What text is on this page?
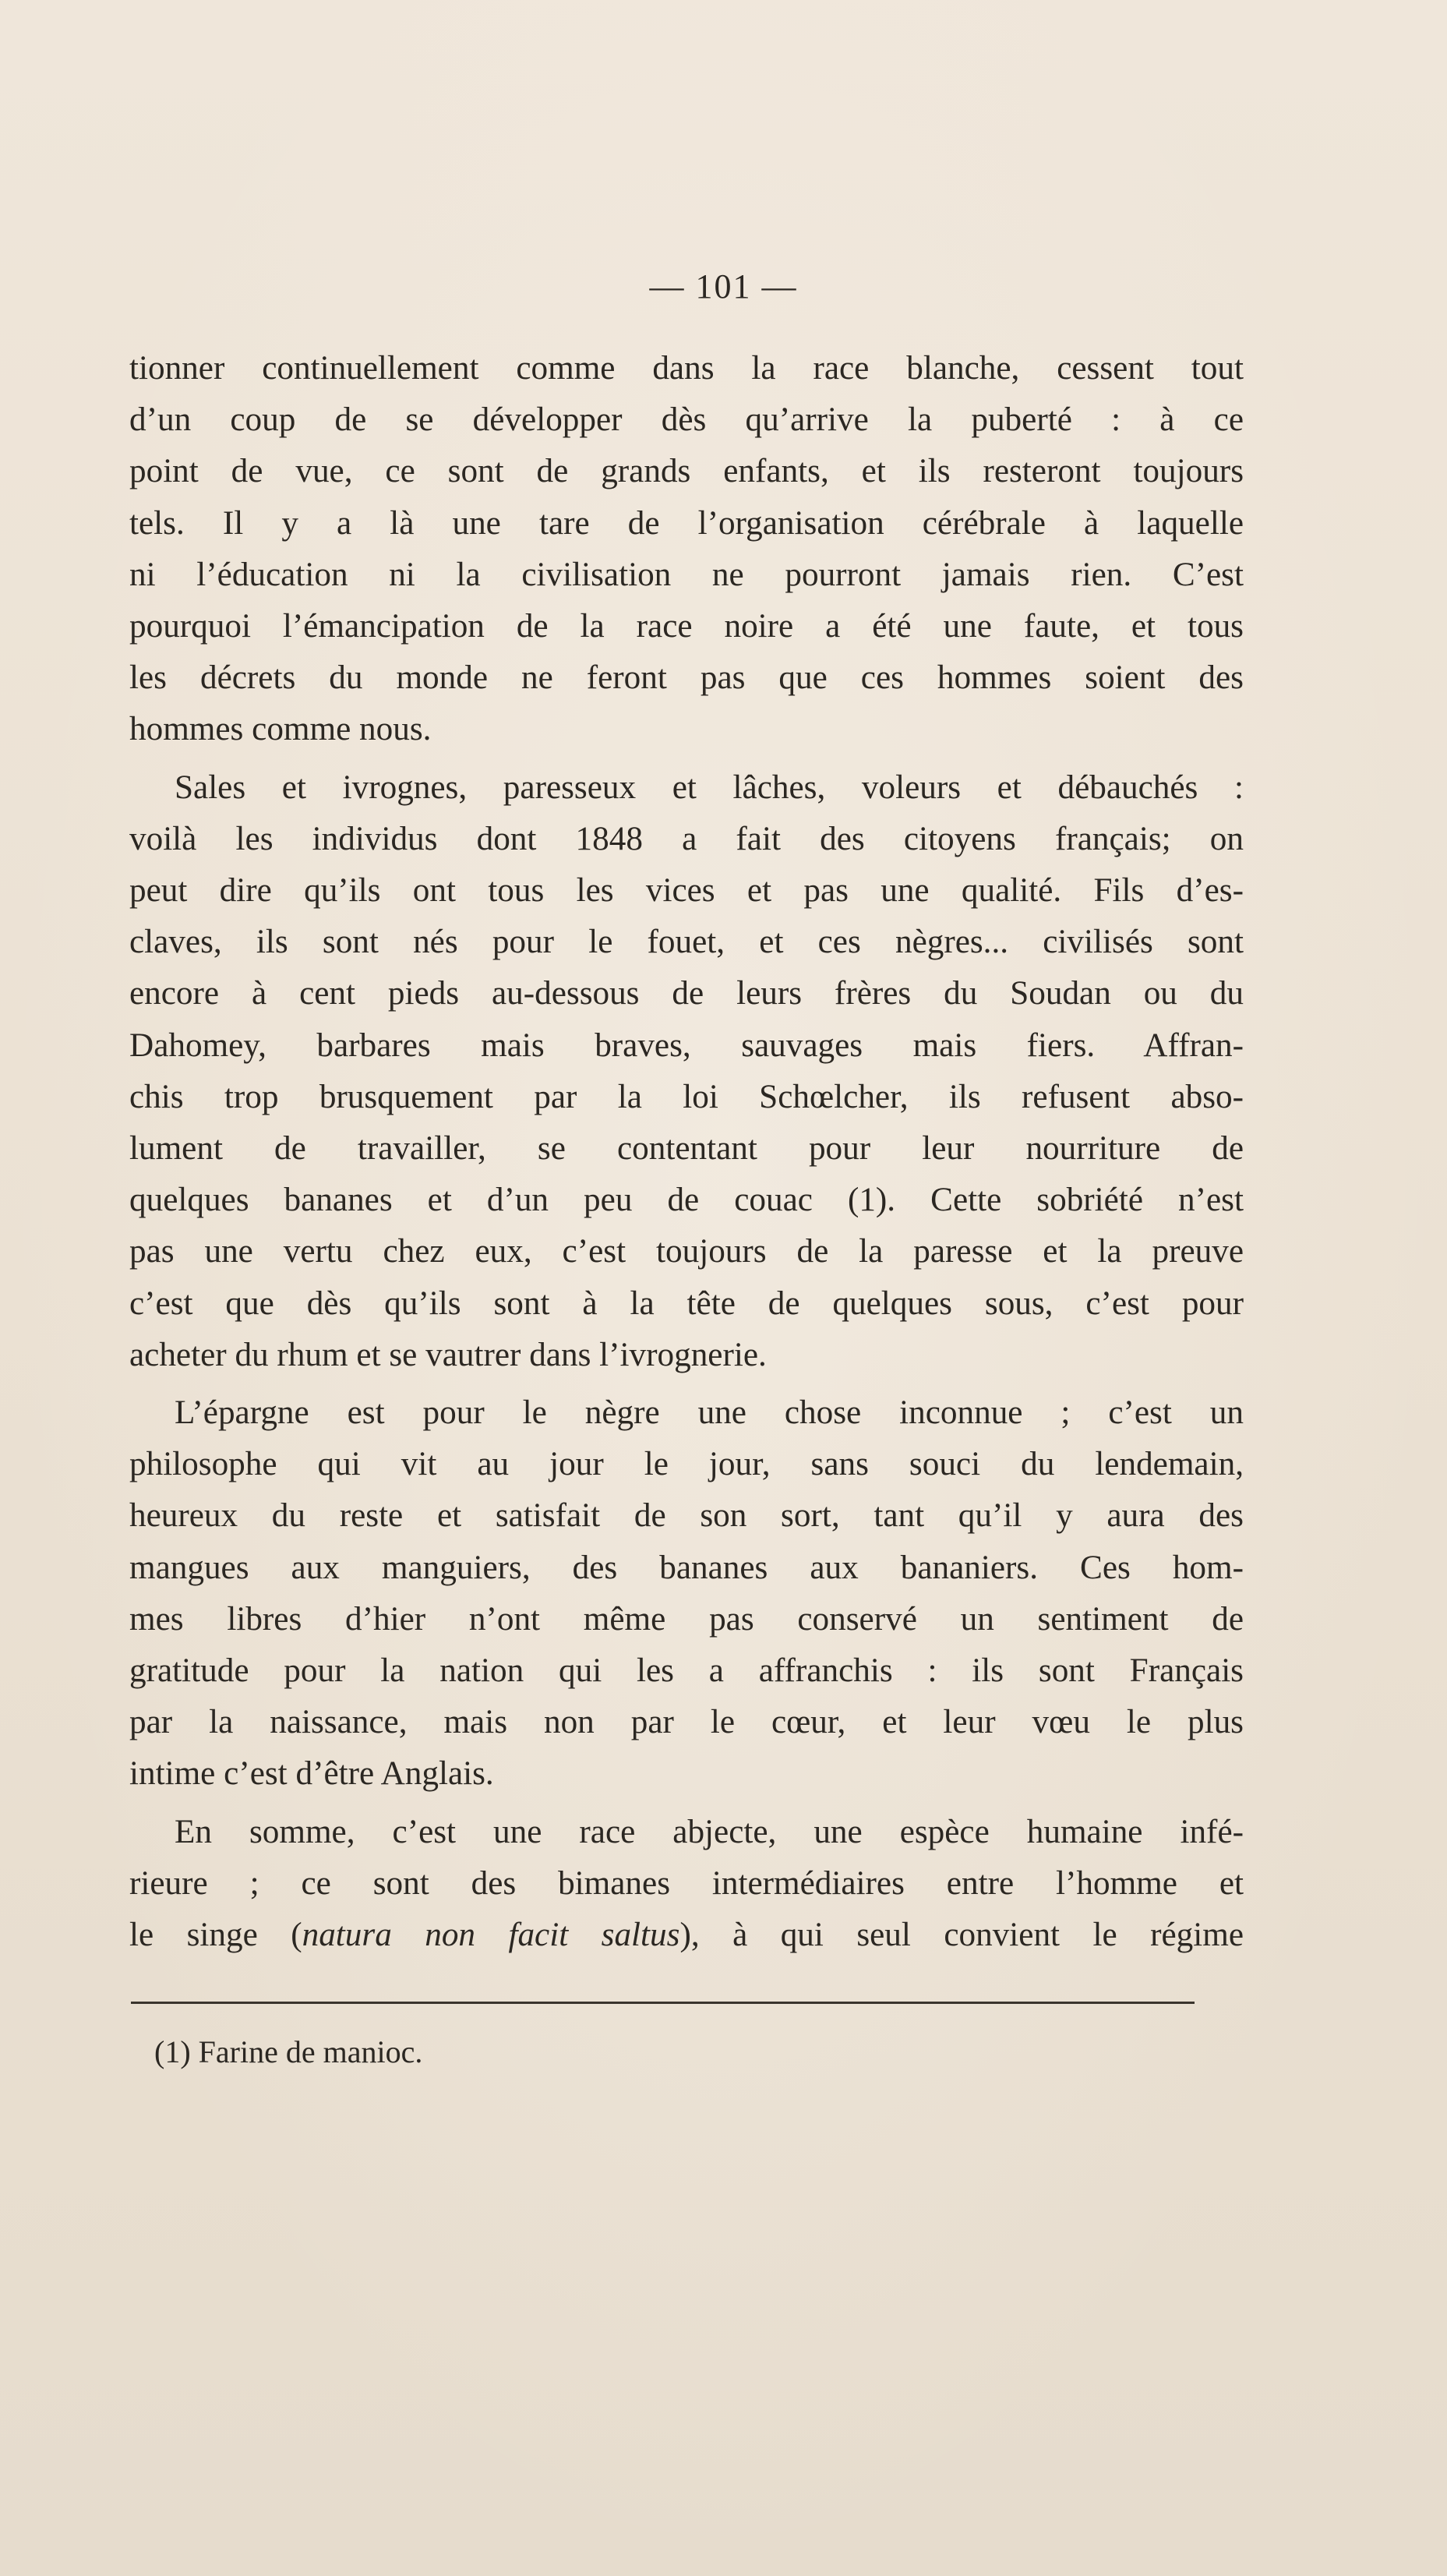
— 101 —

tionner continuellement comme dans la race blanche, cessent tout
d’un coup de se développer dès qu’arrive la puberté : à ce
point de vue, ce sont de grands enfants, et ils resteront toujours
tels. Il y a là une tare de l’organisation cérébrale à laquelle
ni l’éducation ni la civilisation ne pourront jamais rien. C’est
pourquoi l’émancipation de la race noire a été une faute, et tous
les décrets du monde ne feront pas que ces hommes soient des
hommes comme nous.

Sales et ivrognes, paresseux et lâches, voleurs et débauchés :
voilà les individus dont 1848 a fait des citoyens français; on
peut dire qu’ils ont tous les vices et pas une qualité. Fils d’es-
claves, ils sont nés pour le fouet, et ces nègres... civilisés sont
encore à cent pieds au-dessous de leurs frères du Soudan ou du
Dahomey, barbares mais braves, sauvages mais fiers. Affran-
chis trop brusquement par la loi Schœlcher, ils refusent abso-
lument de travailler, se contentant pour leur nourriture de
quelques bananes et d’un peu de couac (1). Cette sobriété n’est
pas une vertu chez eux, c’est toujours de la paresse et la preuve
c’est que dès qu’ils sont à la tête de quelques sous, c’est pour
acheter du rhum et se vautrer dans l’ivrognerie.

L’épargne est pour le nègre une chose inconnue ; c’est un
philosophe qui vit au jour le jour, sans souci du lendemain,
heureux du reste et satisfait de son sort, tant qu’il y aura des
mangues aux manguiers, des bananes aux bananiers. Ces hom-
mes libres d’hier n’ont même pas conservé un sentiment de
gratitude pour la nation qui les a affranchis : ils sont Français
par la naissance, mais non par le cœur, et leur vœu le plus
intime c’est d’être Anglais.

En somme, c’est une race abjecte, une espèce humaine infé-
rieure ; ce sont des bimanes intermédiaires entre l’homme et
le singe (natura non facit saltus), à qui seul convient le régime

(1) Farine de manioc.
